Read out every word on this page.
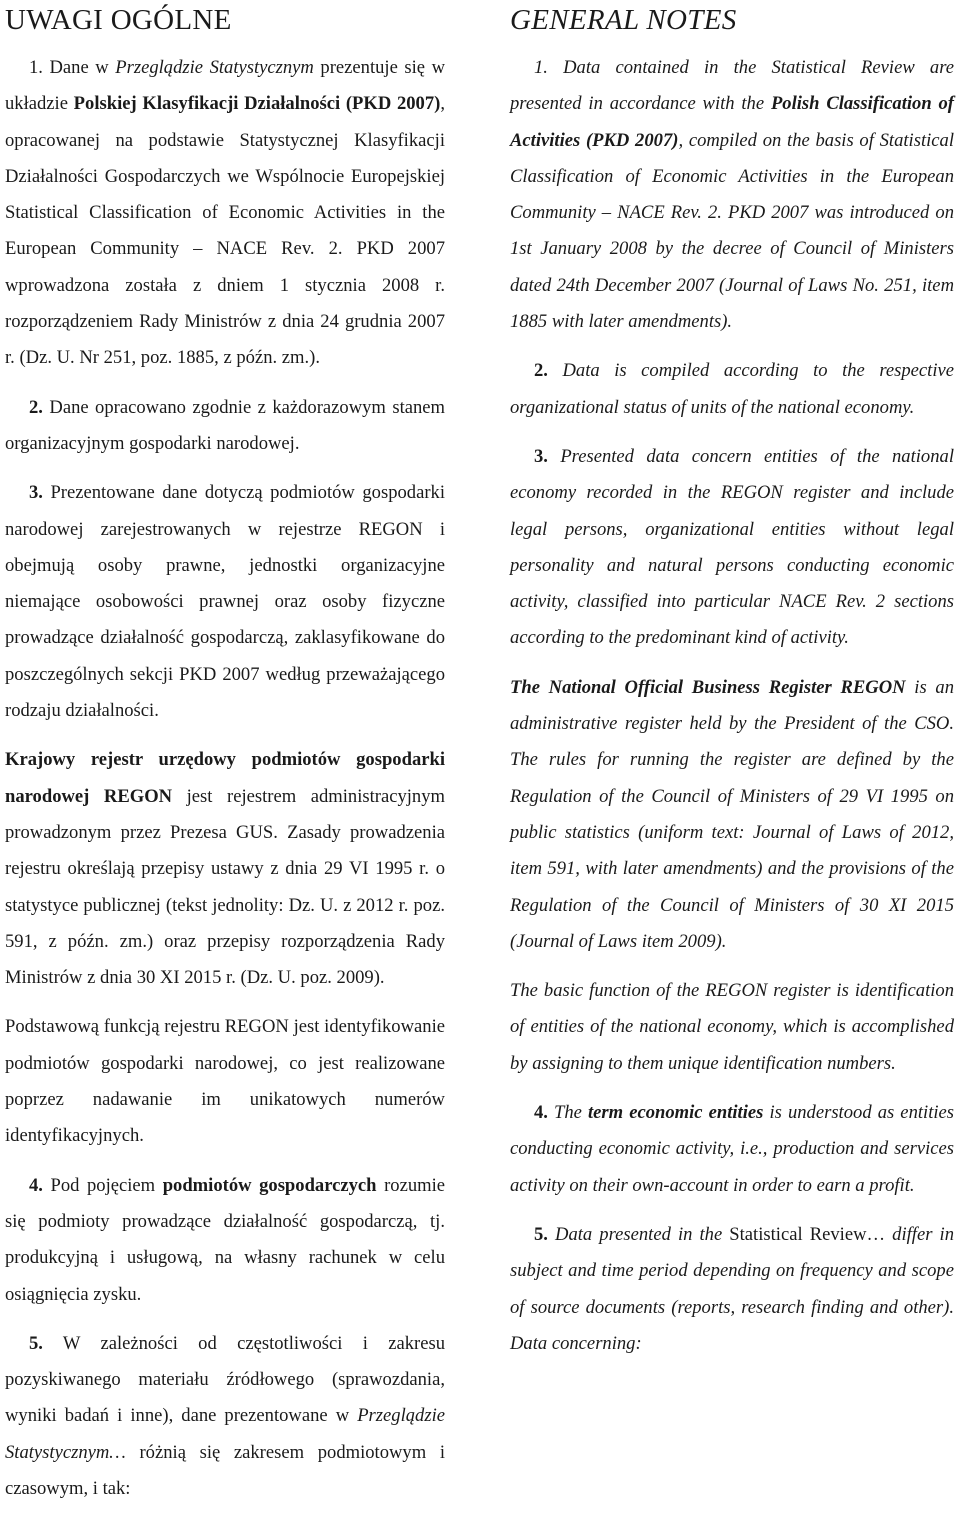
UWAGI OGÓLNE

1. Dane w Przeglądzie Statystycznym prezentuje się w układzie Polskiej Klasyfikacji Działalności (PKD 2007), opracowanej na podstawie Statystycznej Klasyfikacji Działalności Gospodarczych we Wspólnocie Europejskiej Statistical Classification of Economic Activities in the European Community – NACE Rev. 2. PKD 2007 wprowadzona została z dniem 1 stycznia 2008 r. rozporządzeniem Rady Ministrów z dnia 24 grudnia 2007 r. (Dz. U. Nr 251, poz. 1885, z późn. zm.).

2. Dane opracowano zgodnie z każdorazowym stanem organizacyjnym gospodarki narodowej.

3. Prezentowane dane dotyczą podmiotów gospodarki narodowej zarejestrowanych w rejestrze REGON i obejmują osoby prawne, jednostki organizacyjne niemające osobowości prawnej oraz osoby fizyczne prowadzące działalność gospodarczą, zaklasyfikowane do poszczególnych sekcji PKD 2007 według przeważającego rodzaju działalności.

Krajowy rejestr urzędowy podmiotów gospodarki narodowej REGON jest rejestrem administracyjnym prowadzonym przez Prezesa GUS. Zasady prowadzenia rejestru określają przepisy ustawy z dnia 29 VI 1995 r. o statystyce publicznej (tekst jednolity: Dz. U. z 2012 r. poz. 591, z późn. zm.) oraz przepisy rozporządzenia Rady Ministrów z dnia 30 XI 2015 r. (Dz. U. poz. 2009).

Podstawową funkcją rejestru REGON jest identyfikowanie podmiotów gospodarki narodowej, co jest realizowane poprzez nadawanie im unikatowych numerów identyfikacyjnych.

4. Pod pojęciem podmiotów gospodarczych rozumie się podmioty prowadzące działalność gospodarczą, tj. produkcyjną i usługową, na własny rachunek w celu osiągnięcia zysku.

5. W zależności od częstotliwości i zakresu pozyskiwanego materiału źródłowego (sprawozdania, wyniki badań i inne), dane prezentowane w Przeglądzie Statystycznym… różnią się zakresem podmiotowym i czasowym, i tak:

GENERAL NOTES

1. Data contained in the Statistical Review are presented in accordance with the Polish Classification of Activities (PKD 2007), compiled on the basis of Statistical Classification of Economic Activities in the European Community – NACE Rev. 2. PKD 2007 was introduced on 1st January 2008 by the decree of Council of Ministers dated 24th December 2007 (Journal of Laws No. 251, item 1885 with later amendments).

2. Data is compiled according to the respective organizational status of units of the national economy.

3. Presented data concern entities of the national economy recorded in the REGON register and include legal persons, organizational entities without legal personality and natural persons conducting economic activity, classified into particular NACE Rev. 2 sections according to the predominant kind of activity.

The National Official Business Register REGON is an administrative register held by the President of the CSO. The rules for running the register are defined by the Regulation of the Council of Ministers of 29 VI 1995 on public statistics (uniform text: Journal of Laws of 2012, item 591, with later amendments) and the provisions of the Regulation of the Council of Ministers of 30 XI 2015 (Journal of Laws item 2009).

The basic function of the REGON register is identification of entities of the national economy, which is accomplished by assigning to them unique identification numbers.

4. The term economic entities is understood as entities conducting economic activity, i.e., production and services activity on their own-account in order to earn a profit.

5. Data presented in the Statistical Review… differ in subject and time period depending on frequency and scope of source documents (reports, research finding and other). Data concerning:
